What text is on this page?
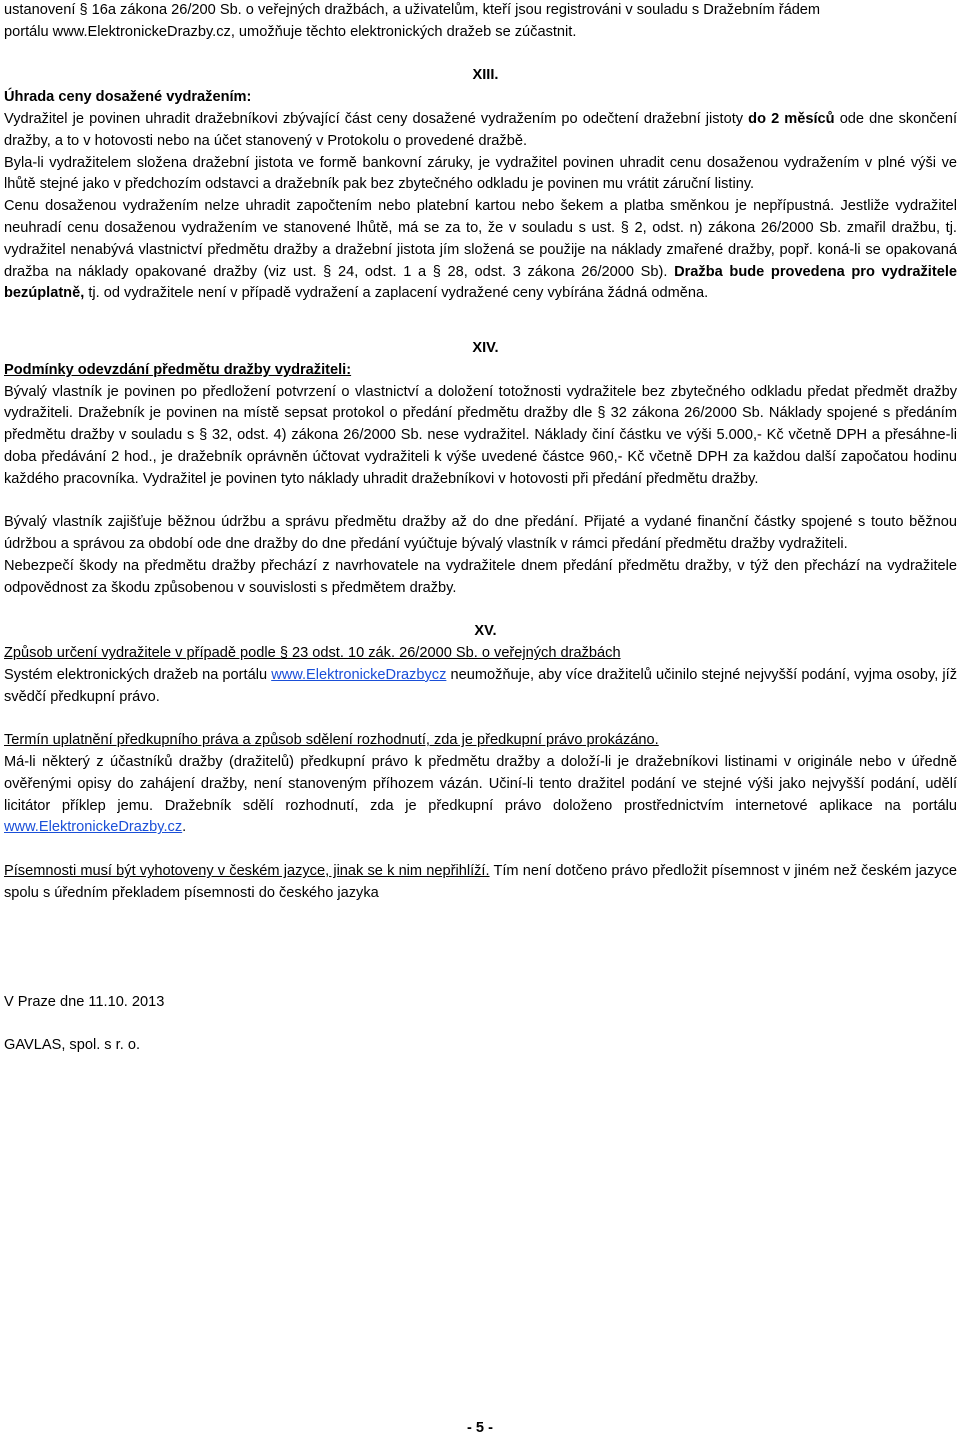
ustanovení § 16a zákona 26/200 Sb. o veřejných dražbách, a uživatelům, kteří jsou registrováni v souladu s Dražebním řádem

portálu www.ElektronickeDrazby.cz, umožňuje těchto elektronických dražeb se zúčastnit.

XIII.

Úhrada ceny dosažené vydražením:

Vydražitel je povinen uhradit dražebníkovi zbývající část ceny dosažené vydražením po odečtení dražební jistoty do 2 měsíců ode dne skončení dražby, a to v hotovosti nebo na účet stanovený v Protokolu o provedené dražbě.

Byla-li vydražitelem složena dražební jistota ve formě bankovní záruky, je vydražitel povinen uhradit cenu dosaženou vydražením v plné výši ve lhůtě stejné jako v předchozím odstavci a dražebník pak bez zbytečného odkladu je povinen mu vrátit záruční listiny.

Cenu dosaženou vydražením nelze uhradit započtením nebo platební kartou nebo šekem a platba směnkou je nepřípustná. Jestliže vydražitel neuhradí cenu dosaženou vydražením ve stanovené lhůtě, má se za to, že v souladu s ust. § 2, odst. n) zákona 26/2000 Sb. zmařil dražbu, tj. vydražitel nenabývá vlastnictví předmětu dražby a dražební jistota jím složená se použije na náklady zmařené dražby, popř. koná-li se opakovaná dražba na náklady opakované dražby (viz ust. § 24, odst. 1 a § 28, odst. 3 zákona 26/2000 Sb). Dražba bude provedena pro vydražitele bezúplatně, tj. od vydražitele není v případě vydražení a zaplacení vydražené ceny vybírána žádná odměna.

XIV.

Podmínky odevzdání předmětu dražby vydražiteli:

Bývalý vlastník je povinen po předložení potvrzení o vlastnictví a doložení totožnosti vydražitele bez zbytečného odkladu předat předmět dražby vydražiteli. Dražebník je povinen na místě sepsat protokol o předání předmětu dražby dle § 32 zákona 26/2000 Sb. Náklady spojené s předáním předmětu dražby v souladu s § 32, odst. 4) zákona 26/2000 Sb. nese vydražitel. Náklady činí částku ve výši 5.000,- Kč včetně DPH a přesáhne-li doba předávání 2 hod., je dražebník oprávněn účtovat vydražiteli k výše uvedené částce 960,- Kč včetně DPH za každou další započatou hodinu každého pracovníka. Vydražitel je povinen tyto náklady uhradit dražebníkovi v hotovosti při předání předmětu dražby.

Bývalý vlastník zajišťuje běžnou údržbu a správu předmětu dražby až do dne předání. Přijaté a vydané finanční částky spojené s touto běžnou údržbou a správou za období ode dne dražby do dne předání vyúčtuje bývalý vlastník v rámci předání předmětu dražby vydražiteli.

Nebezpečí škody na předmětu dražby přechází z navrhovatele na vydražitele dnem předání předmětu dražby, v týž den přechází na vydražitele odpovědnost za škodu způsobenou v souvislosti s předmětem dražby.

XV.

Způsob určení vydražitele v případě podle § 23 odst. 10 zák. 26/2000 Sb. o veřejných dražbách

Systém elektronických dražeb na portálu www.ElektronickeDrazbycz neumožňuje, aby více dražitelů učinilo stejné nejvyšší podání, vyjma osoby, jíž svědčí předkupní právo.

Termín uplatnění předkupního práva a způsob sdělení rozhodnutí, zda je předkupní právo prokázáno.

Má-li některý z účastníků dražby (dražitelů) předkupní právo k předmětu dražby a doloží-li je dražebníkovi listinami v originále nebo v úředně ověřenými opisy do zahájení dražby, není stanoveným příhozem vázán. Učiní-li tento dražitel podání ve stejné výši jako nejvyšší podání, udělí licitátor příklep jemu. Dražebník sdělí rozhodnutí, zda je předkupní právo doloženo prostřednictvím internetové aplikace na portálu www.ElektronickeDrazby.cz.

Písemnosti musí být vyhotoveny v českém jazyce, jinak se k nim nepřihlíží. Tím není dotčeno právo předložit písemnost v jiném než českém jazyce spolu s úředním překladem písemnosti do českého jazyka

V Praze dne 11.10. 2013

GAVLAS, spol. s r. o.

- 5 -
